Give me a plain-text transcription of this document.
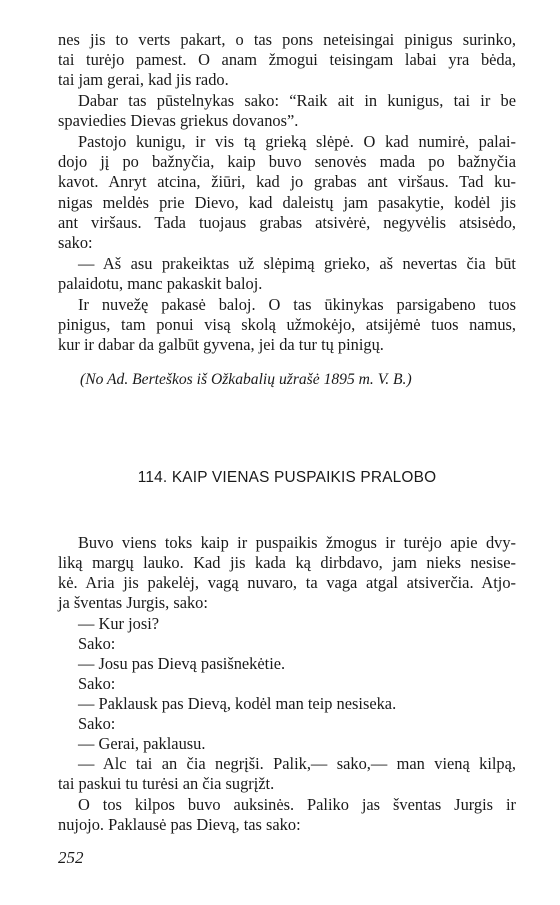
nes jis to verts pakart, o tas pons neteisingai pinigus surinko,
tai turėjo pamest. O anam žmogui teisingam labai yra bėda,
tai jam gerai, kad jis rado.
Dabar tas pūstelnykas sako: “Raik ait in kunigus, tai ir be
spaviedies Dievas griekus dovanos”.
Pastojo kunigu, ir vis tą grieką slėpė. O kad numirė, palai-
dojo jį po bažnyčia, kaip buvo senovės mada po bažnyčia
kavot. Anryt atcina, žiūri, kad jo grabas ant viršaus. Tad ku-
nigas meldės prie Dievo, kad daleistų jam pasakytie, kodėl jis
ant viršaus. Tada tuojaus grabas atsivėrė, negyvėlis atsisėdo,
sako:
— Aš asu prakeiktas už slėpimą grieko, aš nevertas čia būt
palaidotu, manc pakaskit baloj.
Ir nuvežę pakasė baloj. O tas ūkinykas parsigabeno tuos
pinigus, tam ponui visą skolą užmokėjo, atsijėmė tuos namus,
kur ir dabar da galbūt gyvena, jei da tur tų pinigų.
(No Ad. Berteškos iš Ožkabalių užrašė 1895 m. V. B.)
114. KAIP VIENAS PUSPAIKIS PRALOBO
Buvo viens toks kaip ir puspaikis žmogus ir turėjo apie dvy-
liką margų lauko. Kad jis kada ką dirbdavo, jam nieks nesise-
kė. Aria jis pakelėj, vagą nuvaro, ta vaga atgal atsiverčia. Atjo-
ja šventas Jurgis, sako:
— Kur josi?
Sako:
— Josu pas Dievą pasišnekėtie.
Sako:
— Paklausk pas Dievą, kodėl man teip nesiseka.
Sako:
— Gerai, paklausu.
— Alc tai an čia negrįši. Palik,— sako,— man vieną kilpą,
tai paskui tu turėsi an čia sugrįžt.
O tos kilpos buvo auksinės. Paliko jas šventas Jurgis ir
nujojo. Paklausė pas Dievą, tas sako:
252
